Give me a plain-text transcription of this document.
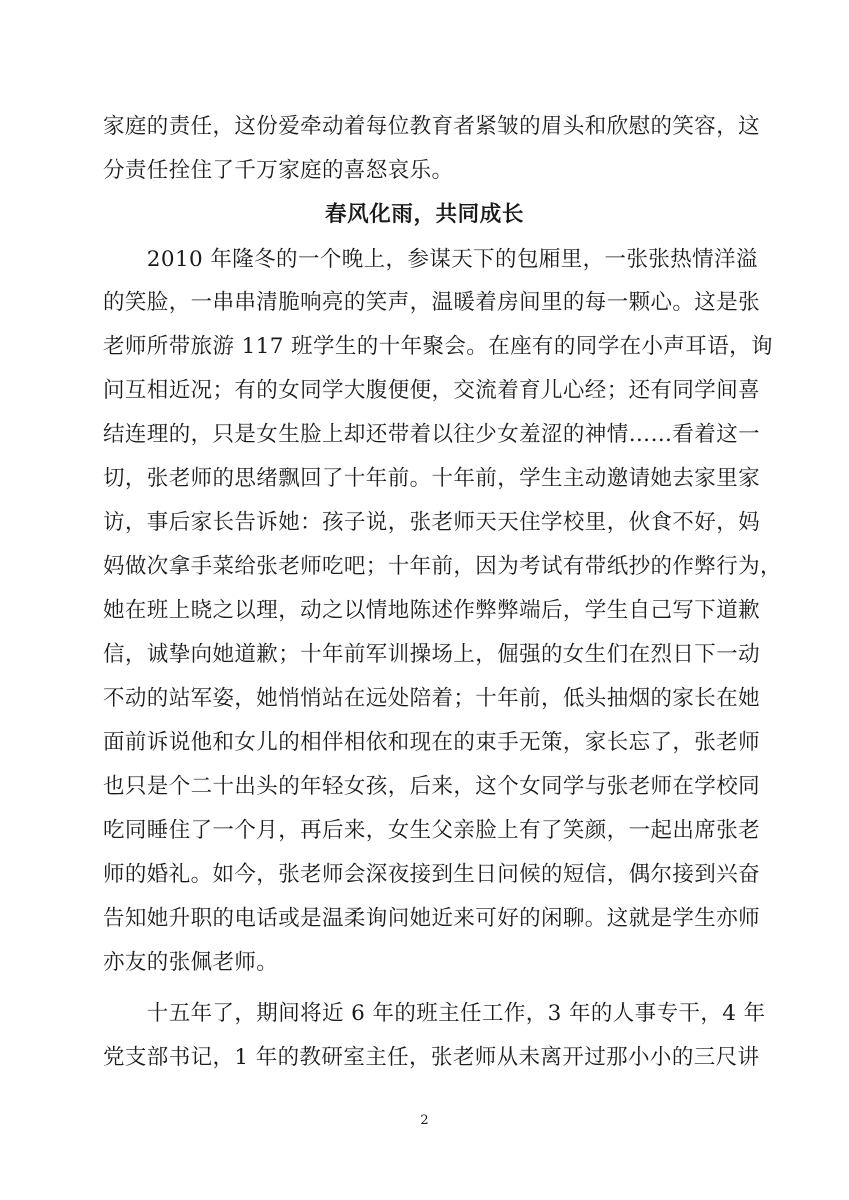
家庭的责任，这份爱牵动着每位教育者紧皱的眉头和欣慰的笑容，这
分责任拴住了千万家庭的喜怒哀乐。
春风化雨，共同成长
　　2010 年隆冬的一个晚上，参谋天下的包厢里，一张张热情洋溢
的笑脸，一串串清脆响亮的笑声，温暖着房间里的每一颗心。这是张
老师所带旅游 117 班学生的十年聚会。在座有的同学在小声耳语，询
问互相近况；有的女同学大腹便便，交流着育儿心经；还有同学间喜
结连理的，只是女生脸上却还带着以往少女羞涩的神情……看着这一
切，张老师的思绪飘回了十年前。十年前，学生主动邀请她去家里家
访，事后家长告诉她：孩子说，张老师天天住学校里，伙食不好，妈
妈做次拿手菜给张老师吃吧；十年前，因为考试有带纸抄的作弊行为，
她在班上晓之以理，动之以情地陈述作弊弊端后，学生自己写下道歉
信，诚挚向她道歉；十年前军训操场上，倔强的女生们在烈日下一动
不动的站军姿，她悄悄站在远处陪着；十年前，低头抽烟的家长在她
面前诉说他和女儿的相伴相依和现在的束手无策，家长忘了，张老师
也只是个二十出头的年轻女孩，后来，这个女同学与张老师在学校同
吃同睡住了一个月，再后来，女生父亲脸上有了笑颜，一起出席张老
师的婚礼。如今，张老师会深夜接到生日问候的短信，偶尔接到兴奋
告知她升职的电话或是温柔询问她近来可好的闲聊。这就是学生亦师
亦友的张佩老师。
　　十五年了，期间将近 6 年的班主任工作，3 年的人事专干，4 年
党支部书记，1 年的教研室主任，张老师从未离开过那小小的三尺讲
2
